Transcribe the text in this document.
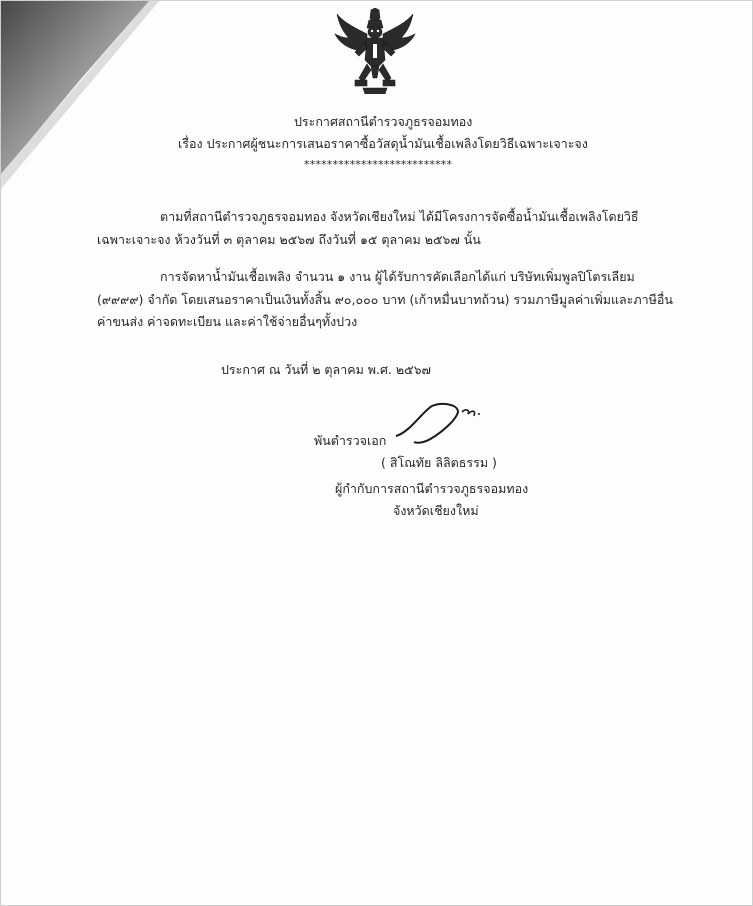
ประกาศสถานีตำรวจภูธรจอมทอง
เรื่อง ประกาศผู้ชนะการเสนอราคาซื้อวัสดุน้ำมันเชื้อเพลิงโดยวิธีเฉพาะเจาะจง
**************************
ตามที่สถานีตำรวจภูธรจอมทอง จังหวัดเชียงใหม่ ได้มีโครงการจัดซื้อน้ำมันเชื้อเพลิงโดยวิธี
เฉพาะเจาะจง ห้วงวันที่ ๓ ตุลาคม ๒๕๖๗ ถึงวันที่ ๑๕ ตุลาคม ๒๕๖๗ นั้น
การจัดหาน้ำมันเชื้อเพลิง จำนวน ๑ งาน ผู้ได้รับการคัดเลือกได้แก่ บริษัทเพิ่มพูลปิโตรเลียม
(๙๙๙๙) จำกัด โดยเสนอราคาเป็นเงินทั้งสิ้น ๙๐,๐๐๐ บาท (เก้าหมื่นบาทถ้วน) รวมภาษีมูลค่าเพิ่มและภาษีอื่น
ค่าขนส่ง ค่าจดทะเบียน และค่าใช้จ่ายอื่นๆทั้งปวง
ประกาศ ณ วันที่ ๒ ตุลาคม พ.ศ. ๒๕๖๗
พันตำรวจเอก
( สิโณทัย ลิลิตธรรม )
ผู้กำกับการสถานีตำรวจภูธรจอมทอง
จังหวัดเชียงใหม่
